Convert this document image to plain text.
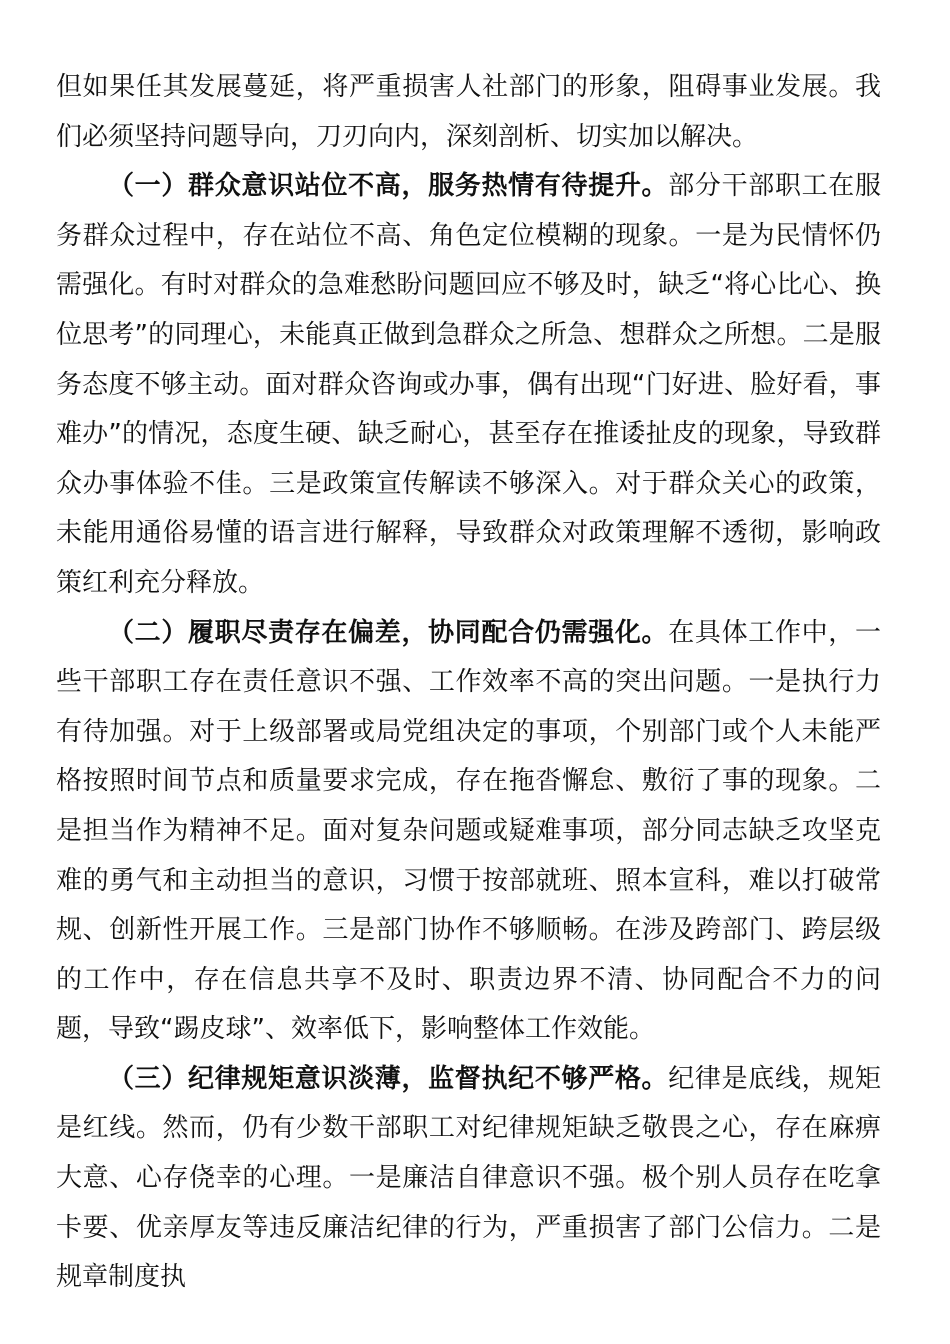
但如果任其发展蔓延，将严重损害人社部门的形象，阻碍事业发展。我们必须坚持问题导向，刀刃向内，深刻剖析、切实加以解决。

（一）群众意识站位不高，服务热情有待提升。部分干部职工在服务群众过程中，存在站位不高、角色定位模糊的现象。一是为民情怀仍需强化。有时对群众的急难愁盼问题回应不够及时，缺乏“将心比心、换位思考”的同理心，未能真正做到急群众之所急、想群众之所想。二是服务态度不够主动。面对群众咨询或办事，偶有出现“门好进、脸好看，事难办”的情况，态度生硬、缺乏耐心，甚至存在推诿扯皮的现象，导致群众办事体验不佳。三是政策宣传解读不够深入。对于群众关心的政策，未能用通俗易懂的语言进行解释，导致群众对政策理解不透彻，影响政策红利充分释放。

（二）履职尽责存在偏差，协同配合仍需强化。在具体工作中，一些干部职工存在责任意识不强、工作效率不高的突出问题。一是执行力有待加强。对于上级部署或局党组决定的事项，个别部门或个人未能严格按照时间节点和质量要求完成，存在拖沓懈怠、敷衍了事的现象。二是担当作为精神不足。面对复杂问题或疑难事项，部分同志缺乏攻坚克难的勇气和主动担当的意识，习惯于按部就班、照本宣科，难以打破常规、创新性开展工作。三是部门协作不够顺畅。在涉及跨部门、跨层级的工作中，存在信息共享不及时、职责边界不清、协同配合不力的问题，导致“踢皮球”、效率低下，影响整体工作效能。

（三）纪律规矩意识淡薄，监督执纪不够严格。纪律是底线，规矩是红线。然而，仍有少数干部职工对纪律规矩缺乏敬畏之心，存在麻痹大意、心存侥幸的心理。一是廉洁自律意识不强。极个别人员存在吃拿卡要、优亲厚友等违反廉洁纪律的行为，严重损害了部门公信力。二是规章制度执
